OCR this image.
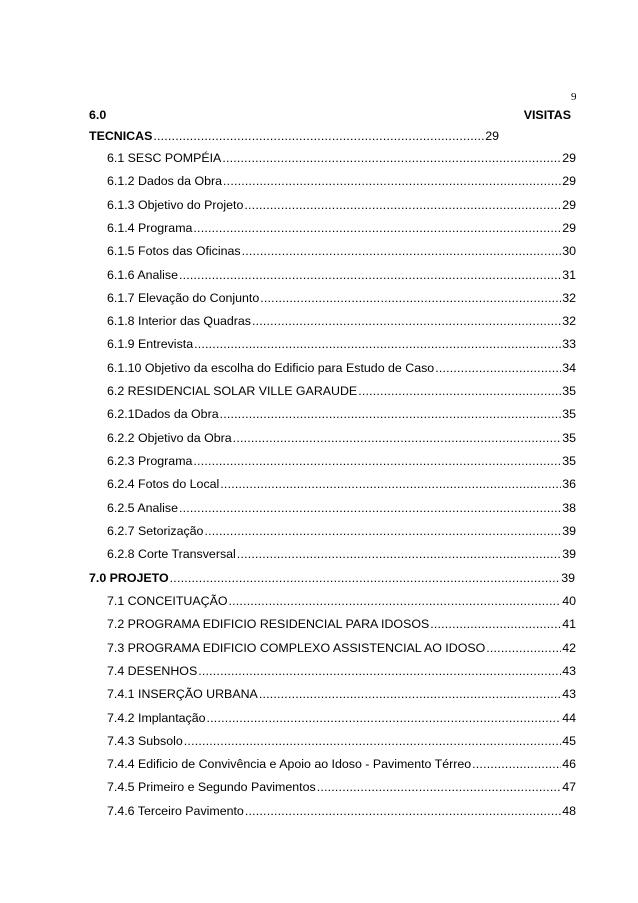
9
6.0	VISITAS
TECNICAS .....	29
6.1 SESC POMPÉIA .....	29
6.1.2 Dados da Obra .....	29
6.1.3 Objetivo do Projeto .....	29
6.1.4 Programa .....	29
6.1.5 Fotos das Oficinas .....	30
6.1.6 Analise .....	31
6.1.7 Elevação do Conjunto .....	32
6.1.8 Interior das Quadras .....	32
6.1.9 Entrevista .....	33
6.1.10 Objetivo da escolha do Edificio para Estudo de Caso .....	34
6.2 RESIDENCIAL SOLAR VILLE GARAUDE .....	35
6.2.1Dados da Obra .....	35
6.2.2 Objetivo da Obra .....	35
6.2.3 Programa .....	35
6.2.4 Fotos do Local .....	36
6.2.5 Analise .....	38
6.2.7 Setorização .....	39
6.2.8 Corte Transversal .....	39
7.0 PROJETO .....	39
7.1 CONCEITUAÇÃO .....	40
7.2 PROGRAMA EDIFICIO RESIDENCIAL PARA IDOSOS .....	41
7.3 PROGRAMA EDIFICIO COMPLEXO ASSISTENCIAL AO IDOSO .....	42
7.4 DESENHOS .....	43
7.4.1 INSERÇÃO URBANA .....	43
7.4.2 Implantação .....	44
7.4.3 Subsolo .....	45
7.4.4 Edificio de Convivência e Apoio ao Idoso - Pavimento Térreo .....	46
7.4.5 Primeiro e Segundo Pavimentos .....	47
7.4.6 Terceiro Pavimento .....	48
